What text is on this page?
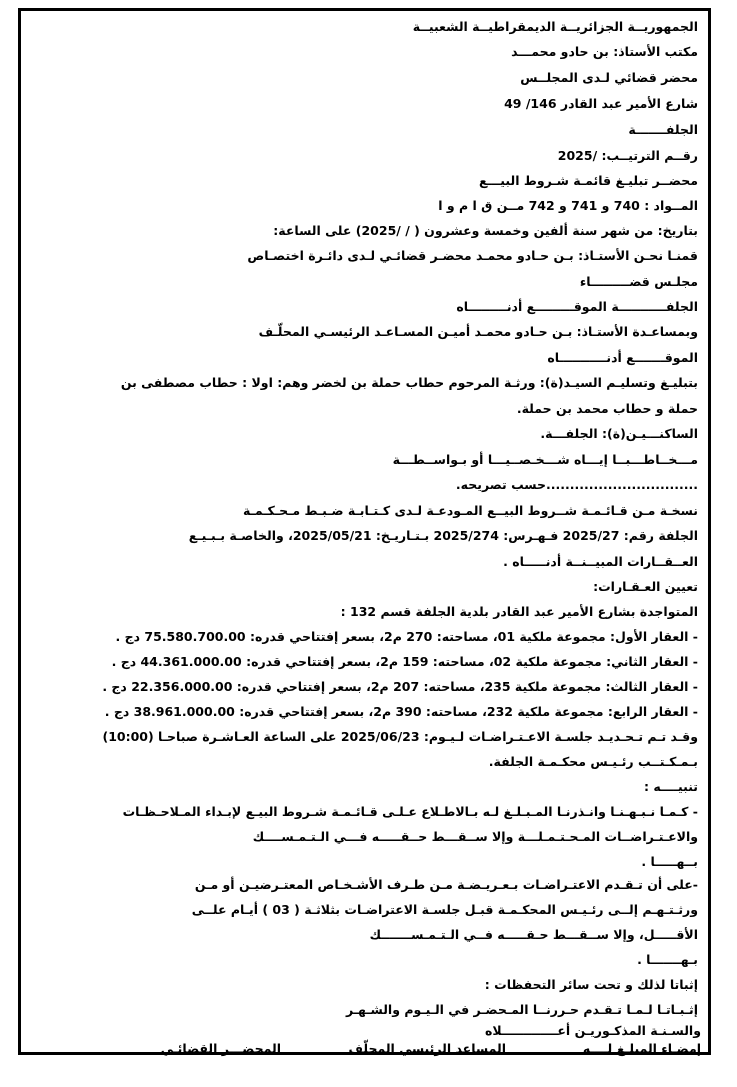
الجمهوريــة الجزائريــة الديمقراطيــة الشعبيــة
مكتب الأستاذ: بن حادو محمـــد
محضر قضائي لـدى المجلــس
شارع الأمير عبد القادر 146/ 49
الجلفـــــــة
رقــم الترتيــب: /2025
محضــر تبليـغ قائمـة شـروط البيـــع
المــواد : 740 و 741 و 742 مــن ق ا م و ا
بتاريخ: من شهر سنة ألفين وخمسة وعشرون ( / /2025) على الساعة:
قمنـا نحـن الأستـاذ: بـن حـادو محمـد محضـر قضائـي لـدى دائـرة اختصـاص
مجلـس قضـــــــــاء
الجلفـــــــــــة الموقـــــــــع أدنـــــــــاه
وبمساعـدة الأستـاذ: بـن حـادو محمـد أميـن المسـاعـد الرئيسـي المحلّـف
الموقـــــــع أدنـــــــــــاه
بتبليـغ وتسليـم السيـد(ة): ورثـة المرحوم حطاب حملة بن لخضر وهم: اولا : حطاب مصطفى بن
حملة و حطاب محمد بن حملة.
الساكنـــيـن(ة): الجلفـــة.
مـــخــاطـــبــا إيـــاه شـــخـصــيـــا أو بـواســطـــة
................................حسب تصريحه.
نسخـة مـن قـائـمـة شــروط البيــع المـودعـة لـدى كـتـابـة ضـبـط مـحـكـمـة
الجلفة رقم: 2025/27 فـهـرس: 2025/274 بـتـاريـخ: 2025/05/21، والخاصـة بـبـيـع
العــقــارات المبيــنــة أدنـــــاه .
تعيين العـقـارات:
المتواجدة بشارع الأمير عبد القادر بلدية الجلفة قسم 132 :
- العقار الأول: مجموعة ملكية 01، مساحته: 270 م2، بسعر إفتتاحي قدره: 75.580.700.00 دج .
- العقار الثاني: مجموعة ملكية 02، مساحته: 159 م2، بسعر إفتتاحي قدره: 44.361.000.00 دج .
- العقار الثالث: مجموعة ملكية 235، مساحته: 207 م2، بسعر إفتتاحي قدره: 22.356.000.00 دج .
- العقار الرابع: مجموعة ملكية 232، مساحته: 390 م2، بسعر إفتتاحي قدره: 38.961.000.00 دج .
وقـد تـم تـحـديـد جلسـة الاعـتـراضـات لـيـوم: 2025/06/23 على الساعة العـاشـرة صباحـا (10:00)
بـمـكـتــب رئـيـس محكـمـة الجلفة.
تنبيــــه :
- كـمـا نـبـهـنـا وانـذرنـا المـبـلـغ لـه بـالاطـلاع عـلـى قـائـمـة شـروط البيـع لإبـداء المـلاحـظـات
والاعـتـراضــات المـحـتـمـلـــة وإلا ســقـــط حــقـــــه فـــي الـتـمـســــك
بــهـــــا .
-على أن تـقـدم الاعتـراضـات بـعـريـضـة مـن طـرف الأشـخـاص المعتـرضيـن أو مـن
ورثـتـهـم إلــى رئـيـس المحكـمـة قبـل جلسـة الاعتراضـات بثلاثـة ( 03 ) أيـام علــى
الأقـــــل، وإلا ســقـــط حـقـــــه فــي الـتـمـســـــــك
بـهـــــــا .
إثباتا لذلك و تحت سائر التحفظات :
إثـبـاتـا لـمـا تـقـدم حـررنــا المـحضـر في الـيـوم والشـهـر
والسـنـة المذكـوريـن أعـــــــــــــلاه
إمضـاء المبلـغ لــــه
المساعد الرئيسي المحلّف
المحضـــر القضائـي
